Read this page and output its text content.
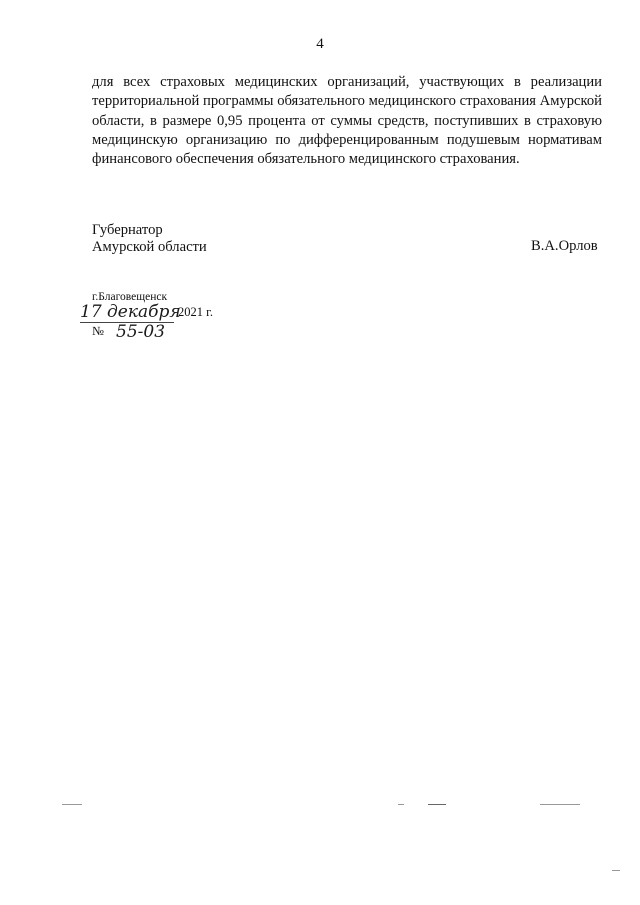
4

для всех страховых медицинских организаций, участвующих в реализации территориальной программы обязательного медицинского страхования Амурской области, в размере 0,95 процента от суммы средств, поступивших в страховую медицинскую организацию по дифференцированным подушевым нормативам финансового обеспечения обязательного медицинского страхования.

Губернатор
Амурской области	В.А.Орлов
г.Благовещенск
17 декабря
2021 г.
№ 55-03
